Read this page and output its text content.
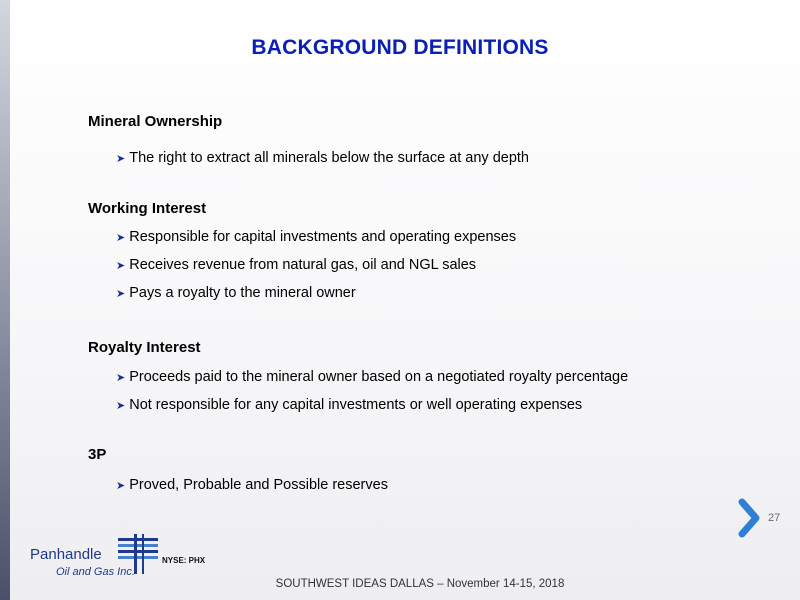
BACKGROUND DEFINITIONS
Mineral Ownership
➤ The right to extract all minerals below the surface at any depth
Working Interest
➤ Responsible for capital investments and operating expenses
➤ Receives revenue from natural gas, oil and NGL sales
➤ Pays a royalty to the mineral owner
Royalty Interest
➤ Proceeds paid to the mineral owner based on a negotiated royalty percentage
➤ Not responsible for any capital investments or well operating expenses
3P
➤ Proved, Probable and Possible reserves
27
Panhandle
Oil and Gas Inc.
NYSE: PHX
SOUTHWEST IDEAS DALLAS – November 14-15, 2018
